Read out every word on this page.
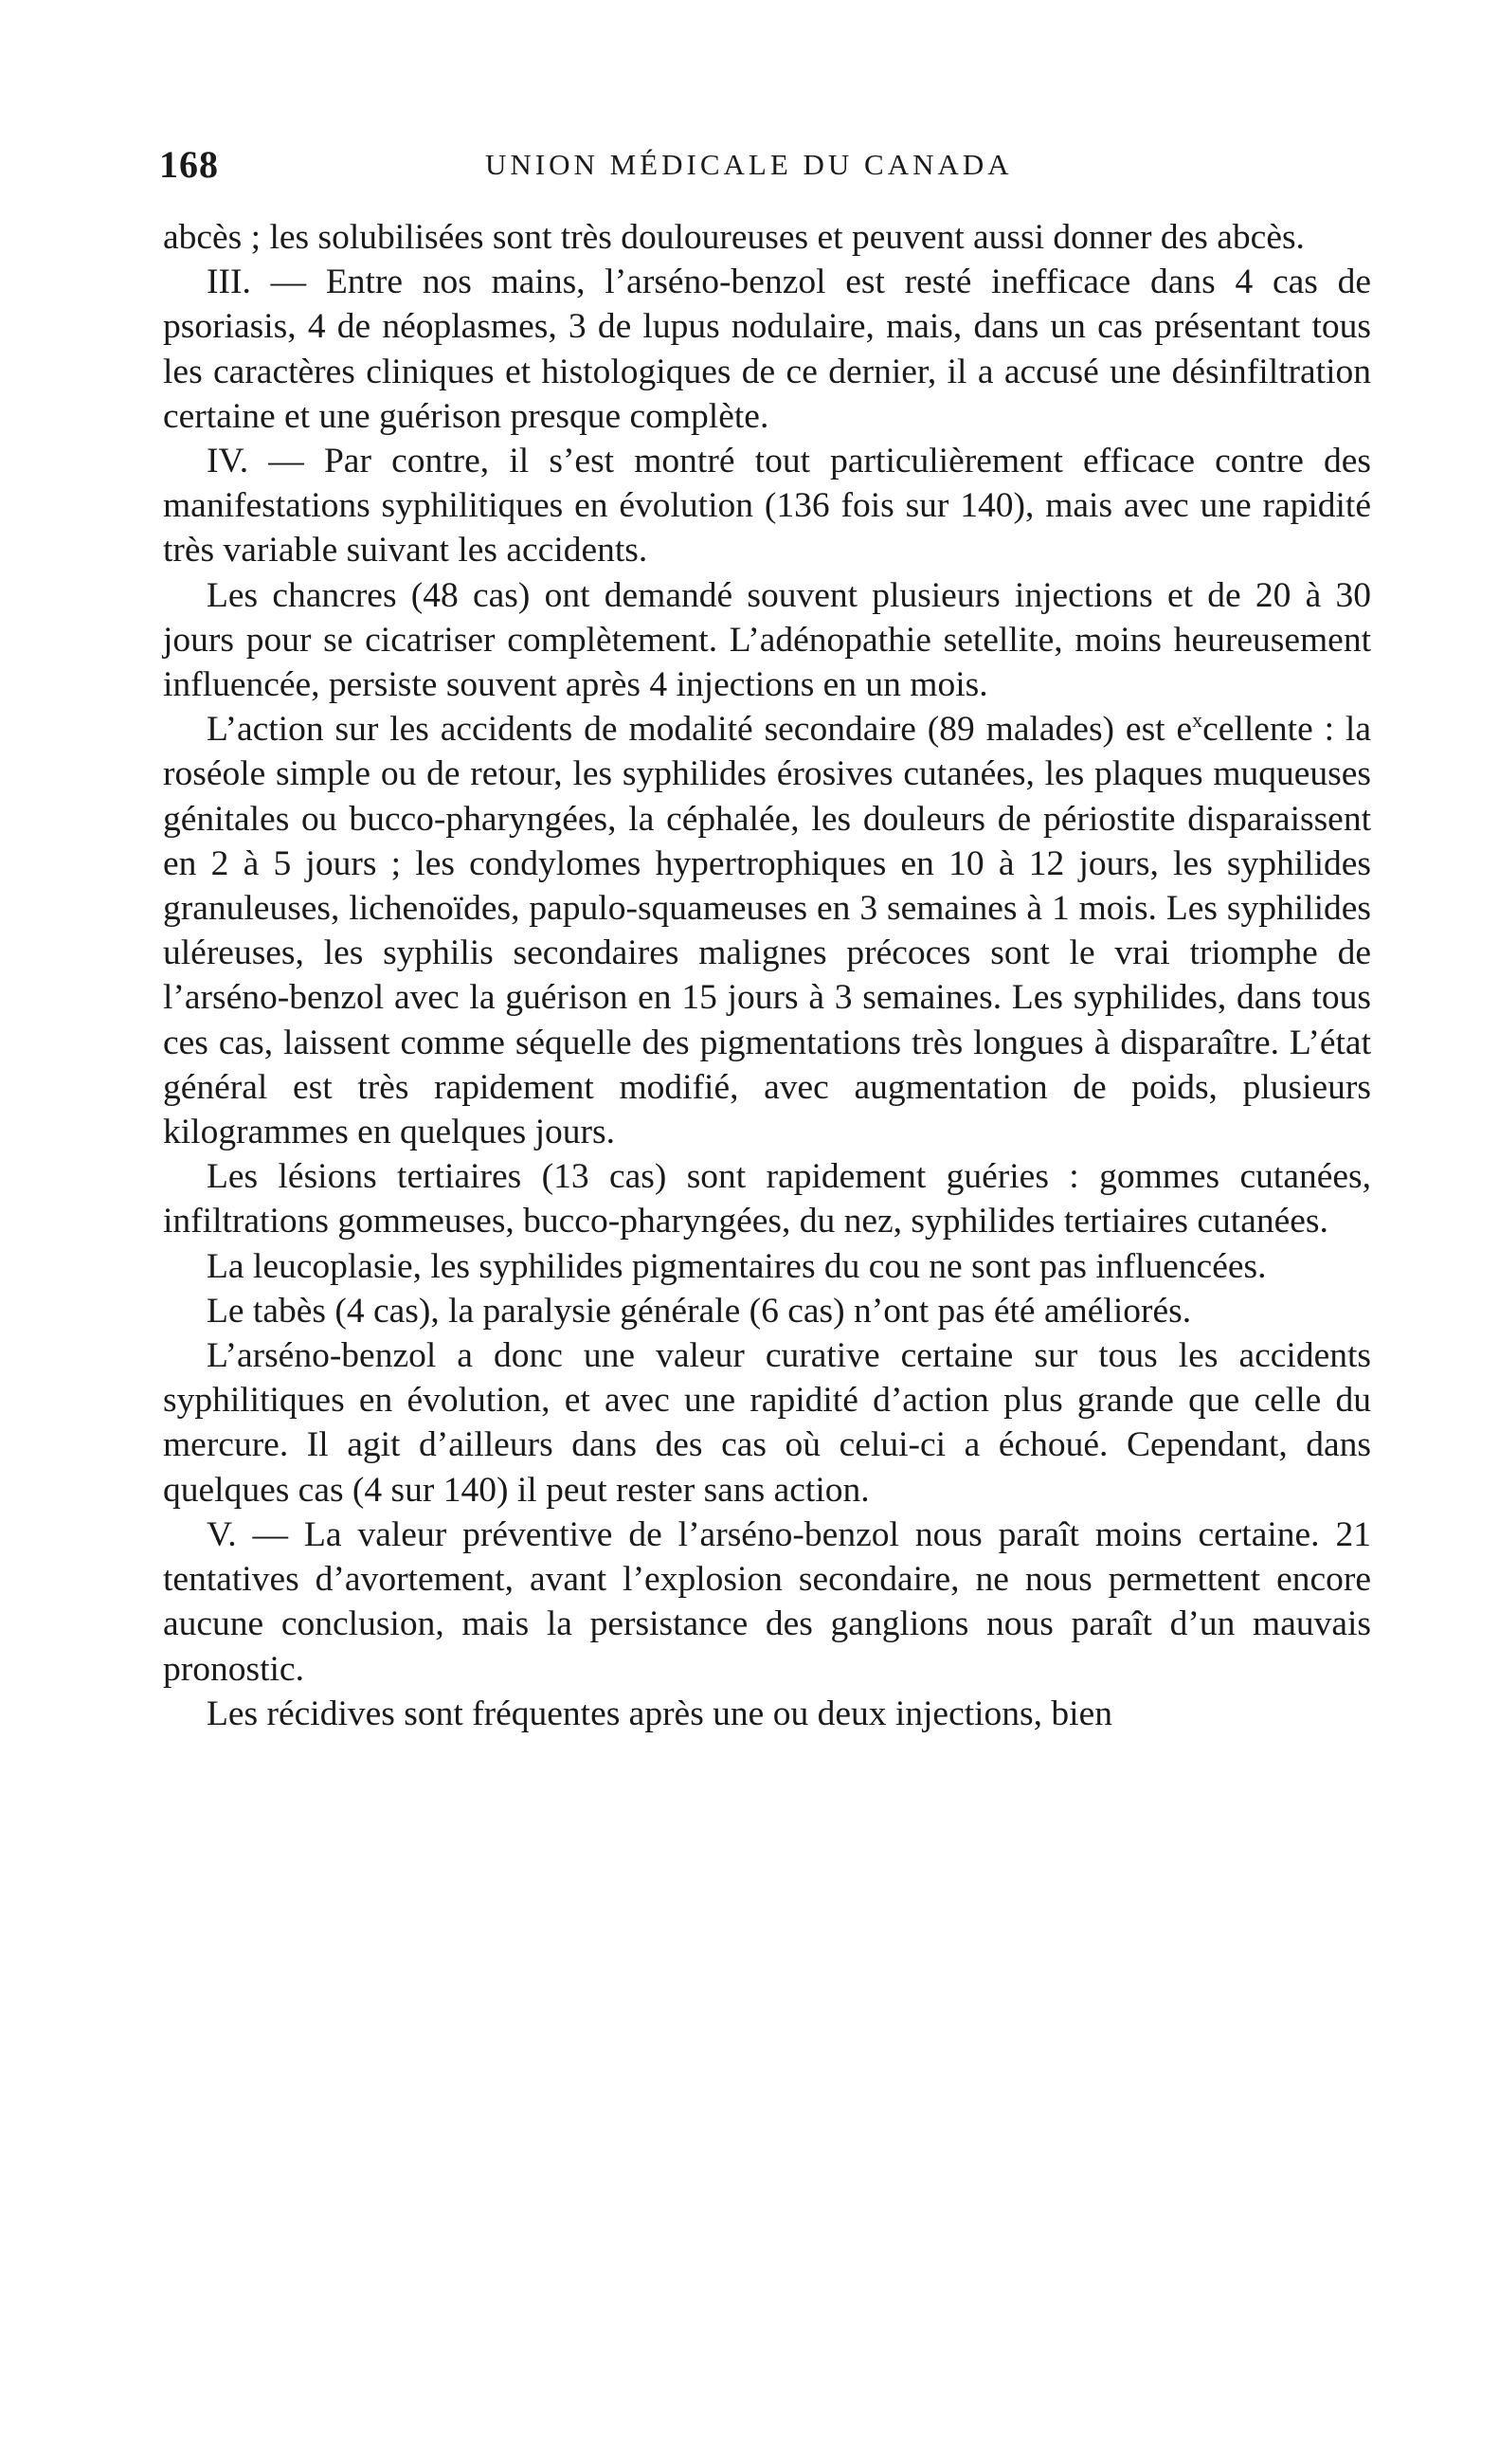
168	UNION MÉDICALE DU CANADA

abcès ; les solubilisées sont très douloureuses et peuvent aussi donner des abcès.

III. — Entre nos mains, l’arséno-benzol est resté inefficace dans 4 cas de psoriasis, 4 de néoplasmes, 3 de lupus nodulaire, mais, dans un cas présentant tous les caractères cliniques et histologiques de ce dernier, il a accusé une désinfiltration certaine et une guérison presque complète.

IV. — Par contre, il s’est montré tout particulièrement efficace contre des manifestations syphilitiques en évolution (136 fois sur 140), mais avec une rapidité très variable suivant les accidents.

Les chancres (48 cas) ont demandé souvent plusieurs injections et de 20 à 30 jours pour se cicatriser complètement. L’adénopathie setellite, moins heureusement influencée, persiste souvent après 4 injections en un mois.

L’action sur les accidents de modalité secondaire (89 malades) est $e^xcellente$ : la roséole simple ou de retour, les syphilides érosives cutanées, les plaques muqueuses génitales ou bucco-pharyngées, la céphalée, les douleurs de périostite disparaissent en 2 à 5 jours ; les condylomes hypertrophiques en 10 à 12 jours, les syphilides granuleuses, lichenoïdes, papulo-squameuses en 3 semaines à 1 mois. Les syphilides uléreuses, les syphilis secondaires malignes précoces sont le vrai triomphe de l’arséno-benzol avec la guérison en 15 jours à 3 semaines. Les syphilides, dans tous ces cas, laissent comme séquelle des pigmentations très longues à disparaître. L’état général est très rapidement modifié, avec augmentation de poids, plusieurs kilogrammes en quelques jours.

Les lésions tertiaires (13 cas) sont rapidement guéries : gommes cutanées, infiltrations gommeuses, bucco-pharyngées, du nez, syphilides tertiaires cutanées.

La leucoplasie, les syphilides pigmentaires du cou ne sont pas influencées.

Le tabès (4 cas), la paralysie générale (6 cas) n’ont pas été améliorés.

L’arséno-benzol a donc une valeur curative certaine sur tous les accidents syphilitiques en évolution, et avec une rapidité d’action plus grande que celle du mercure. Il agit d’ailleurs dans des cas où celui-ci a échoué. Cependant, dans quelques cas (4 sur 140) il peut rester sans action.

V. — La valeur préventive de l’arséno-benzol nous paraît moins certaine. 21 tentatives d’avortement, avant l’explosion secondaire, ne nous permettent encore aucune conclusion, mais la persistance des ganglions nous paraît d’un mauvais pronostic.

Les récidives sont fréquentes après une ou deux injections, bien
